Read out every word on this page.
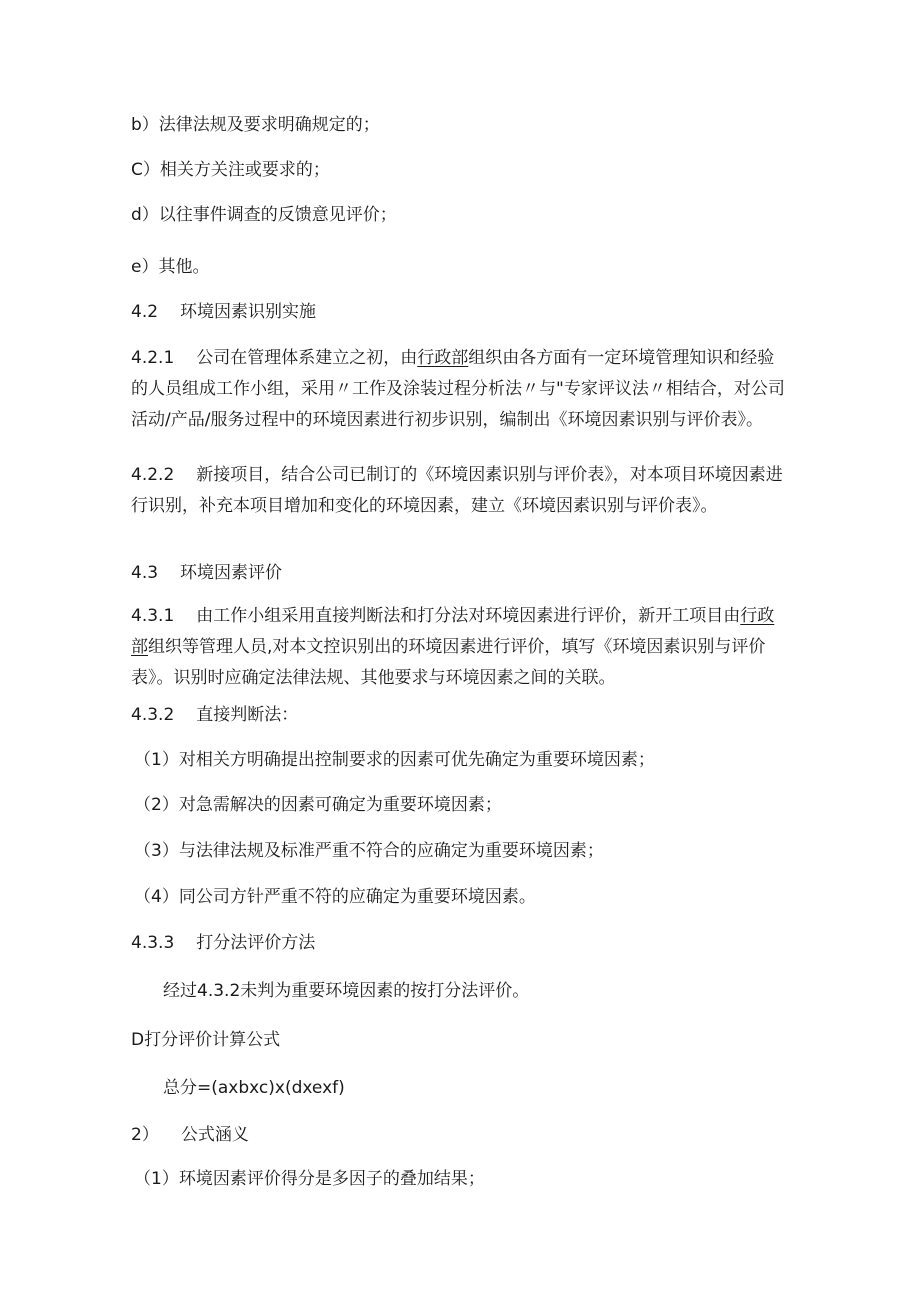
b）法律法规及要求明确规定的；

C）相关方关注或要求的；

d）以往事件调查的反馈意见评价；

e）其他。

4.2 环境因素识别实施

4.2.1 公司在管理体系建立之初，由行政部组织由各方面有一定环境管理知识和经验的人员组成工作小组，采用〃工作及涂装过程分析法〃与"专家评议法〃相结合，对公司活动/产品/服务过程中的环境因素进行初步识别，编制出《环境因素识别与评价表》。

4.2.2 新接项目，结合公司已制订的《环境因素识别与评价表》，对本项目环境因素进行识别，补充本项目增加和变化的环境因素，建立《环境因素识别与评价表》。

4.3 环境因素评价

4.3.1 由工作小组采用直接判断法和打分法对环境因素进行评价，新开工项目由行政部组织等管理人员,对本文控识别出的环境因素进行评价，填写《环境因素识别与评价表》。识别时应确定法律法规、其他要求与环境因素之间的关联。

4.3.2 直接判断法：

（1）对相关方明确提出控制要求的因素可优先确定为重要环境因素；

（2）对急需解决的因素可确定为重要环境因素；

（3）与法律法规及标准严重不符合的应确定为重要环境因素；

（4）同公司方针严重不符的应确定为重要环境因素。

4.3.3 打分法评价方法

经过4.3.2未判为重要环境因素的按打分法评价。

D打分评价计算公式

总分=(axbxc)x(dxexf)

2） 公式涵义

（1）环境因素评价得分是多因子的叠加结果；
